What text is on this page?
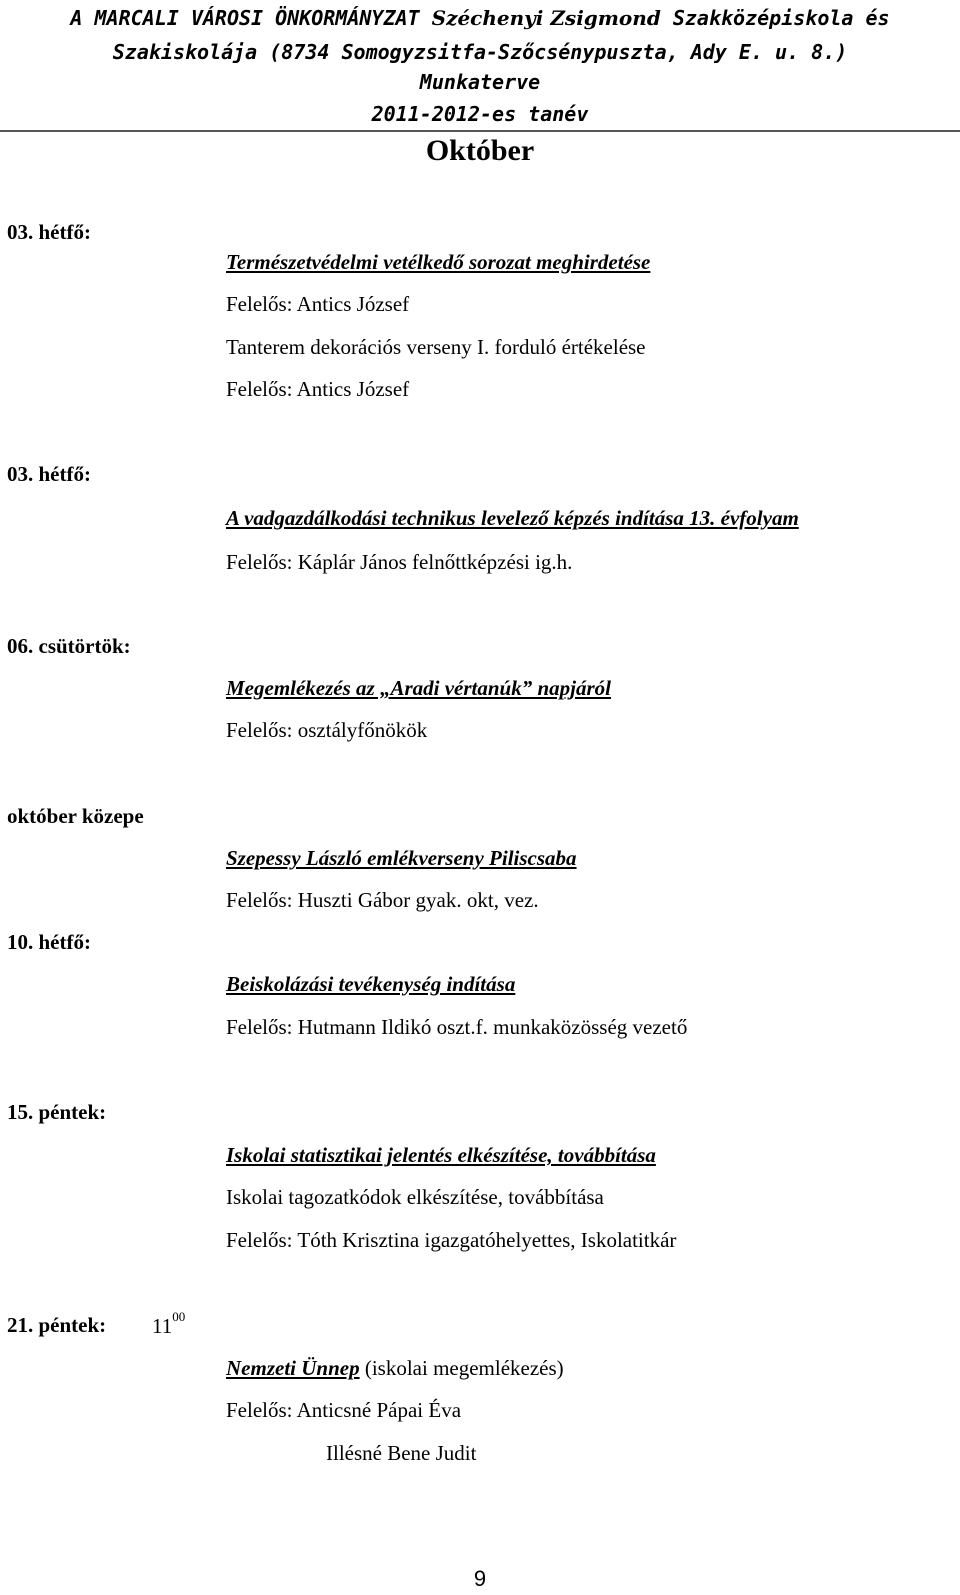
A MARCALI VÁROSI ÖNKORMÁNYZAT Széchenyi Zsigmond Szakközépiskola és
Szakiskolája (8734 Somogyzsitfa-Szőcsénypuszta, Ady E. u. 8.)
Munkaterve
2011-2012-es tanév
Október
03. hétfő:
Természetvédelmi vetélkedő sorozat meghirdetése
Felelős: Antics József
Tanterem dekorációs verseny I. forduló értékelése
Felelős: Antics József
03. hétfő:
A vadgazdálkodási technikus levelező képzés indítása 13. évfolyam
Felelős: Káplár János felnőttképzési ig.h.
06. csütörtök:
Megemlékezés az „Aradi vértanúk” napjáról
Felelős: osztályfőnökök
október közepe
Szepessy László emlékverseny Piliscsaba
Felelős: Huszti Gábor gyak. okt, vez.
10. hétfő:
Beiskolázási tevékenység indítása
Felelős: Hutmann Ildikó oszt.f. munkaközösség vezető
15. péntek:
Iskolai statisztikai jelentés elkészítése, továbbítása
Iskolai tagozatkódok elkészítése, továbbítása
Felelős: Tóth Krisztina igazgatóhelyettes, Iskolatitkár
21. péntek: $11^{00}$
Nemzeti Ünnep (iskolai megemlékezés)
Felelős: Anticsné Pápai Éva
Illésné Bene Judit
9
